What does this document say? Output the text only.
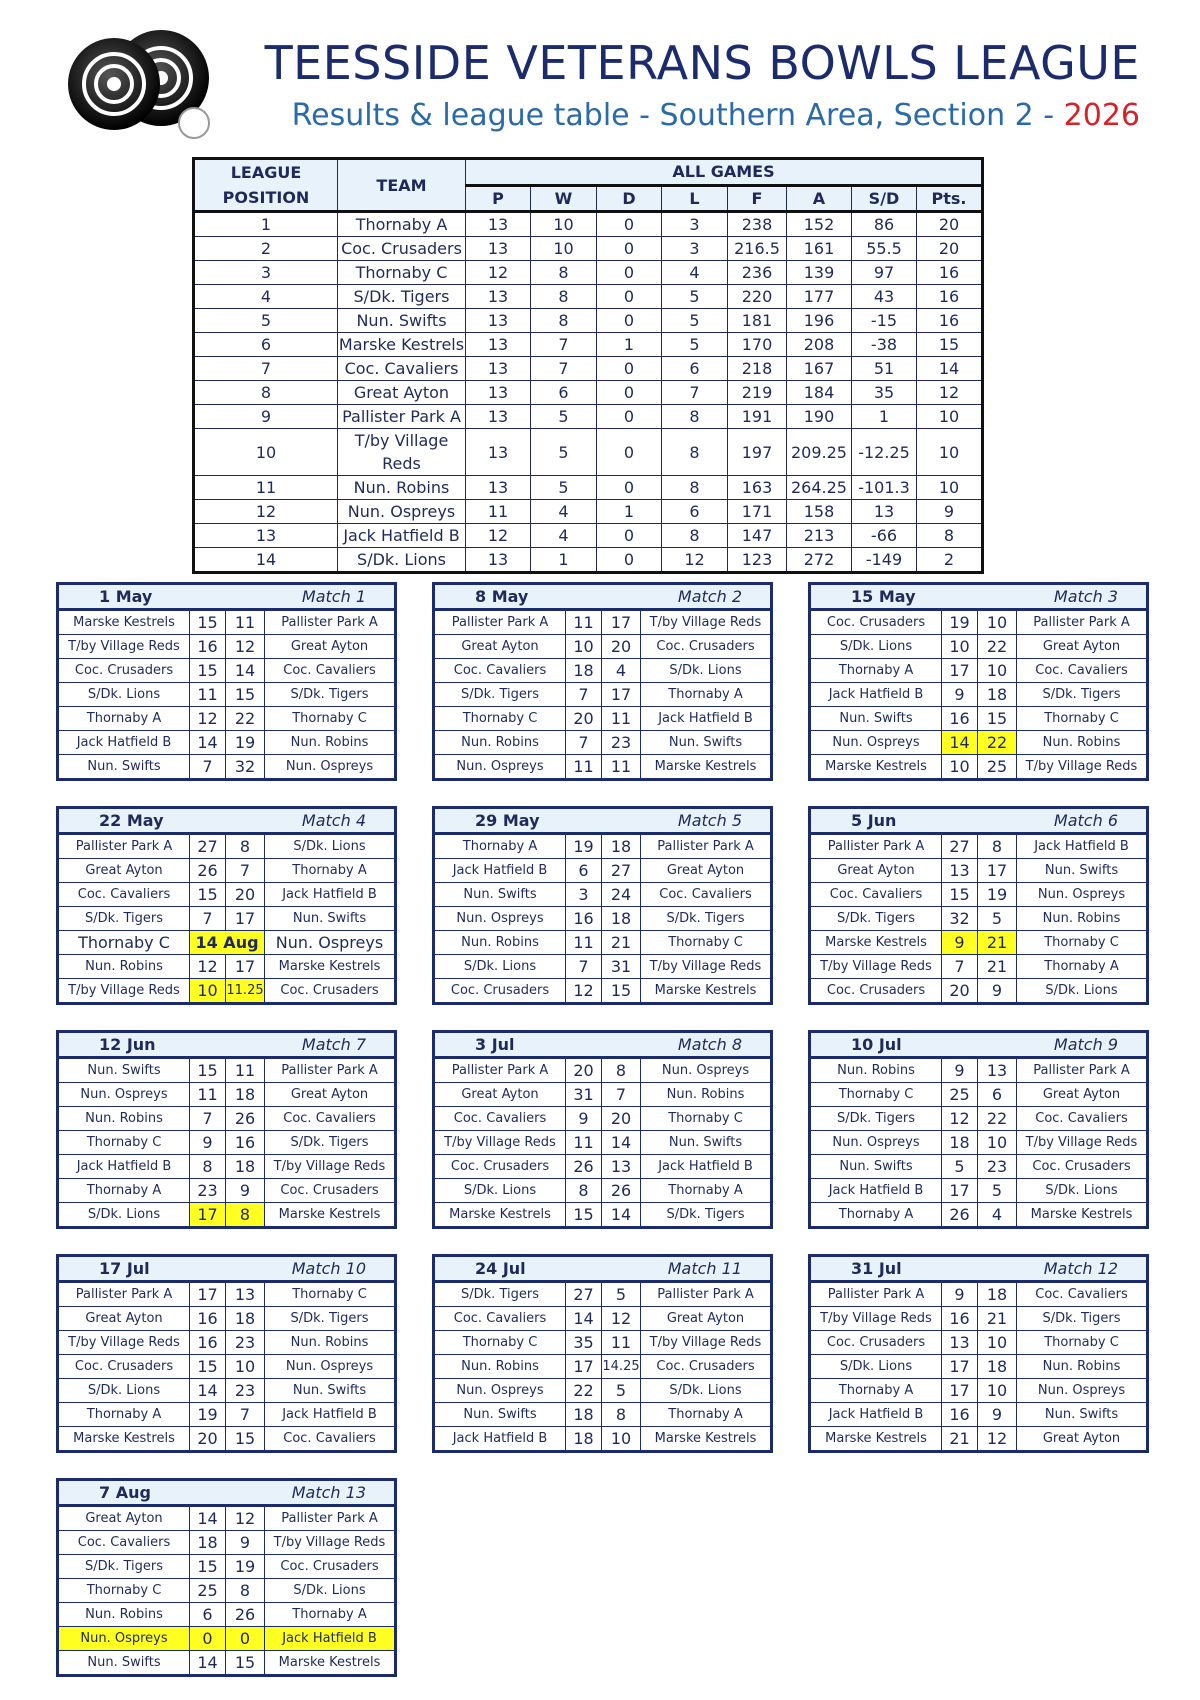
TEESSIDE VETERANS BOWLS LEAGUE
Results & league table - Southern Area, Section 2 - 2026
LEAGUE
POSITION	TEAM	ALL GAMES							
		P	W	D	L	F	A	S/D	Pts.
1	Thornaby A	13	10	0	3	238	152	86	20
2	Coc. Crusaders	13	10	0	3	216.5	161	55.5	20
3	Thornaby C	12	8	0	4	236	139	97	16
4	S/Dk. Tigers	13	8	0	5	220	177	43	16
5	Nun. Swifts	13	8	0	5	181	196	-15	16
6	Marske Kestrels	13	7	1	5	170	208	-38	15
7	Coc. Cavaliers	13	7	0	6	218	167	51	14
8	Great Ayton	13	6	0	7	219	184	35	12
9	Pallister Park A	13	5	0	8	191	190	1	10
10	T/by Village Reds	13	5	0	8	197	209.25	-12.25	10
11	Nun. Robins	13	5	0	8	163	264.25	-101.3	10
12	Nun. Ospreys	11	4	1	6	171	158	13	9
13	Jack Hatfield B	12	4	0	8	147	213	-66	8
14	S/Dk. Lions	13	1	0	12	123	272	-149	2
1 May		Match 1	
Marske Kestrels	15	11	Pallister Park A
T/by Village Reds	16	12	Great Ayton
Coc. Crusaders	15	14	Coc. Cavaliers
S/Dk. Lions	11	15	S/Dk. Tigers
Thornaby A	12	22	Thornaby C
Jack Hatfield B	14	19	Nun. Robins
Nun. Swifts	7	32	Nun. Ospreys
8 May		Match 2	
Pallister Park A	11	17	T/by Village Reds
Great Ayton	10	20	Coc. Crusaders
Coc. Cavaliers	18	4	S/Dk. Lions
S/Dk. Tigers	7	17	Thornaby A
Thornaby C	20	11	Jack Hatfield B
Nun. Robins	7	23	Nun. Swifts
Nun. Ospreys	11	11	Marske Kestrels
15 May		Match 3	
Coc. Crusaders	19	10	Pallister Park A
S/Dk. Lions	10	22	Great Ayton
Thornaby A	17	10	Coc. Cavaliers
Jack Hatfield B	9	18	S/Dk. Tigers
Nun. Swifts	16	15	Thornaby C
Nun. Ospreys	14	22	Nun. Robins
Marske Kestrels	10	25	T/by Village Reds
22 May		Match 4	
Pallister Park A	27	8	S/Dk. Lions
Great Ayton	26	7	Thornaby A
Coc. Cavaliers	15	20	Jack Hatfield B
S/Dk. Tigers	7	17	Nun. Swifts
Thornaby C	14 Aug		Nun. Ospreys
Nun. Robins	12	17	Marske Kestrels
T/by Village Reds	10	11.25	Coc. Crusaders
29 May		Match 5	
Thornaby A	19	18	Pallister Park A
Jack Hatfield B	6	27	Great Ayton
Nun. Swifts	3	24	Coc. Cavaliers
Nun. Ospreys	16	18	S/Dk. Tigers
Nun. Robins	11	21	Thornaby C
S/Dk. Lions	7	31	T/by Village Reds
Coc. Crusaders	12	15	Marske Kestrels
5 Jun		Match 6	
Pallister Park A	27	8	Jack Hatfield B
Great Ayton	13	17	Nun. Swifts
Coc. Cavaliers	15	19	Nun. Ospreys
S/Dk. Tigers	32	5	Nun. Robins
Marske Kestrels	9	21	Thornaby C
T/by Village Reds	7	21	Thornaby A
Coc. Crusaders	20	9	S/Dk. Lions
12 Jun		Match 7	
Nun. Swifts	15	11	Pallister Park A
Nun. Ospreys	11	18	Great Ayton
Nun. Robins	7	26	Coc. Cavaliers
Thornaby C	9	16	S/Dk. Tigers
Jack Hatfield B	8	18	T/by Village Reds
Thornaby A	23	9	Coc. Crusaders
S/Dk. Lions	17	8	Marske Kestrels
3 Jul		Match 8	
Pallister Park A	20	8	Nun. Ospreys
Great Ayton	31	7	Nun. Robins
Coc. Cavaliers	9	20	Thornaby C
T/by Village Reds	11	14	Nun. Swifts
Coc. Crusaders	26	13	Jack Hatfield B
S/Dk. Lions	8	26	Thornaby A
Marske Kestrels	15	14	S/Dk. Tigers
10 Jul		Match 9	
Nun. Robins	9	13	Pallister Park A
Thornaby C	25	6	Great Ayton
S/Dk. Tigers	12	22	Coc. Cavaliers
Nun. Ospreys	18	10	T/by Village Reds
Nun. Swifts	5	23	Coc. Crusaders
Jack Hatfield B	17	5	S/Dk. Lions
Thornaby A	26	4	Marske Kestrels
17 Jul		Match 10	
Pallister Park A	17	13	Thornaby C
Great Ayton	16	18	S/Dk. Tigers
T/by Village Reds	16	23	Nun. Robins
Coc. Crusaders	15	10	Nun. Ospreys
S/Dk. Lions	14	23	Nun. Swifts
Thornaby A	19	7	Jack Hatfield B
Marske Kestrels	20	15	Coc. Cavaliers
24 Jul		Match 11	
S/Dk. Tigers	27	5	Pallister Park A
Coc. Cavaliers	14	12	Great Ayton
Thornaby C	35	11	T/by Village Reds
Nun. Robins	17	14.25	Coc. Crusaders
Nun. Ospreys	22	5	S/Dk. Lions
Nun. Swifts	18	8	Thornaby A
Jack Hatfield B	18	10	Marske Kestrels
31 Jul		Match 12	
Pallister Park A	9	18	Coc. Cavaliers
T/by Village Reds	16	21	S/Dk. Tigers
Coc. Crusaders	13	10	Thornaby C
S/Dk. Lions	17	18	Nun. Robins
Thornaby A	17	10	Nun. Ospreys
Jack Hatfield B	16	9	Nun. Swifts
Marske Kestrels	21	12	Great Ayton
7 Aug		Match 13	
Great Ayton	14	12	Pallister Park A
Coc. Cavaliers	18	9	T/by Village Reds
S/Dk. Tigers	15	19	Coc. Crusaders
Thornaby C	25	8	S/Dk. Lions
Nun. Robins	6	26	Thornaby A
Nun. Ospreys	0	0	Jack Hatfield B
Nun. Swifts	14	15	Marske Kestrels
